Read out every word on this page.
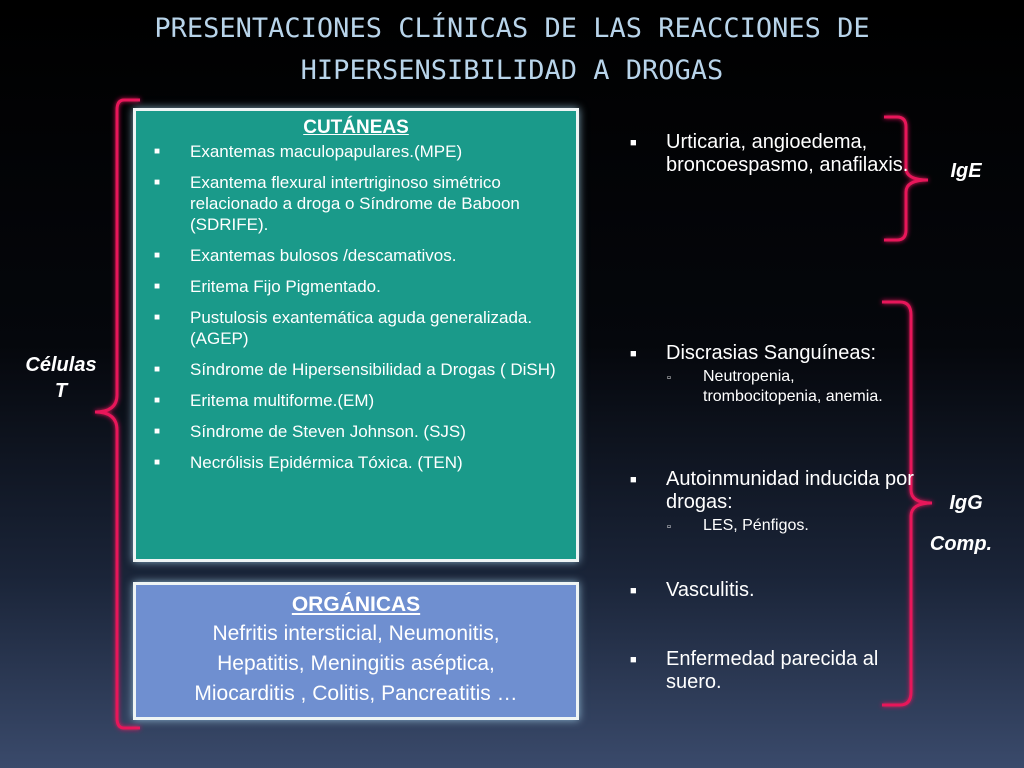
PRESENTACIONES CLÍNICAS DE LAS REACCIONES DE
HIPERSENSIBILIDAD A DROGAS
CUTÁNEAS
■ Exantemas maculopapulares.(MPE)
■ Exantema flexural intertriginoso simétrico relacionado a droga o Síndrome de Baboon (SDRIFE).
■ Exantemas bulosos /descamativos.
■ Eritema Fijo Pigmentado.
■ Pustulosis exantemática aguda generalizada. (AGEP)
■ Síndrome de Hipersensibilidad a Drogas ( DiSH)
■ Eritema multiforme.(EM)
■ Síndrome de Steven Johnson. (SJS)
■ Necrólisis Epidérmica Tóxica. (TEN)
ORGÁNICAS
Nefritis intersticial, Neumonitis,
Hepatitis, Meningitis aséptica,
Miocarditis , Colitis, Pancreatitis …
■ Urticaria, angioedema, broncoespasmo, anafilaxis.
■ Discrasias Sanguíneas:
▫ Neutropenia, trombocitopenia, anemia.
■ Autoinmunidad inducida por drogas:
▫ LES, Pénfigos.
■ Vasculitis.
■ Enfermedad parecida al suero.
Células
T
IgE
IgG
Comp.
